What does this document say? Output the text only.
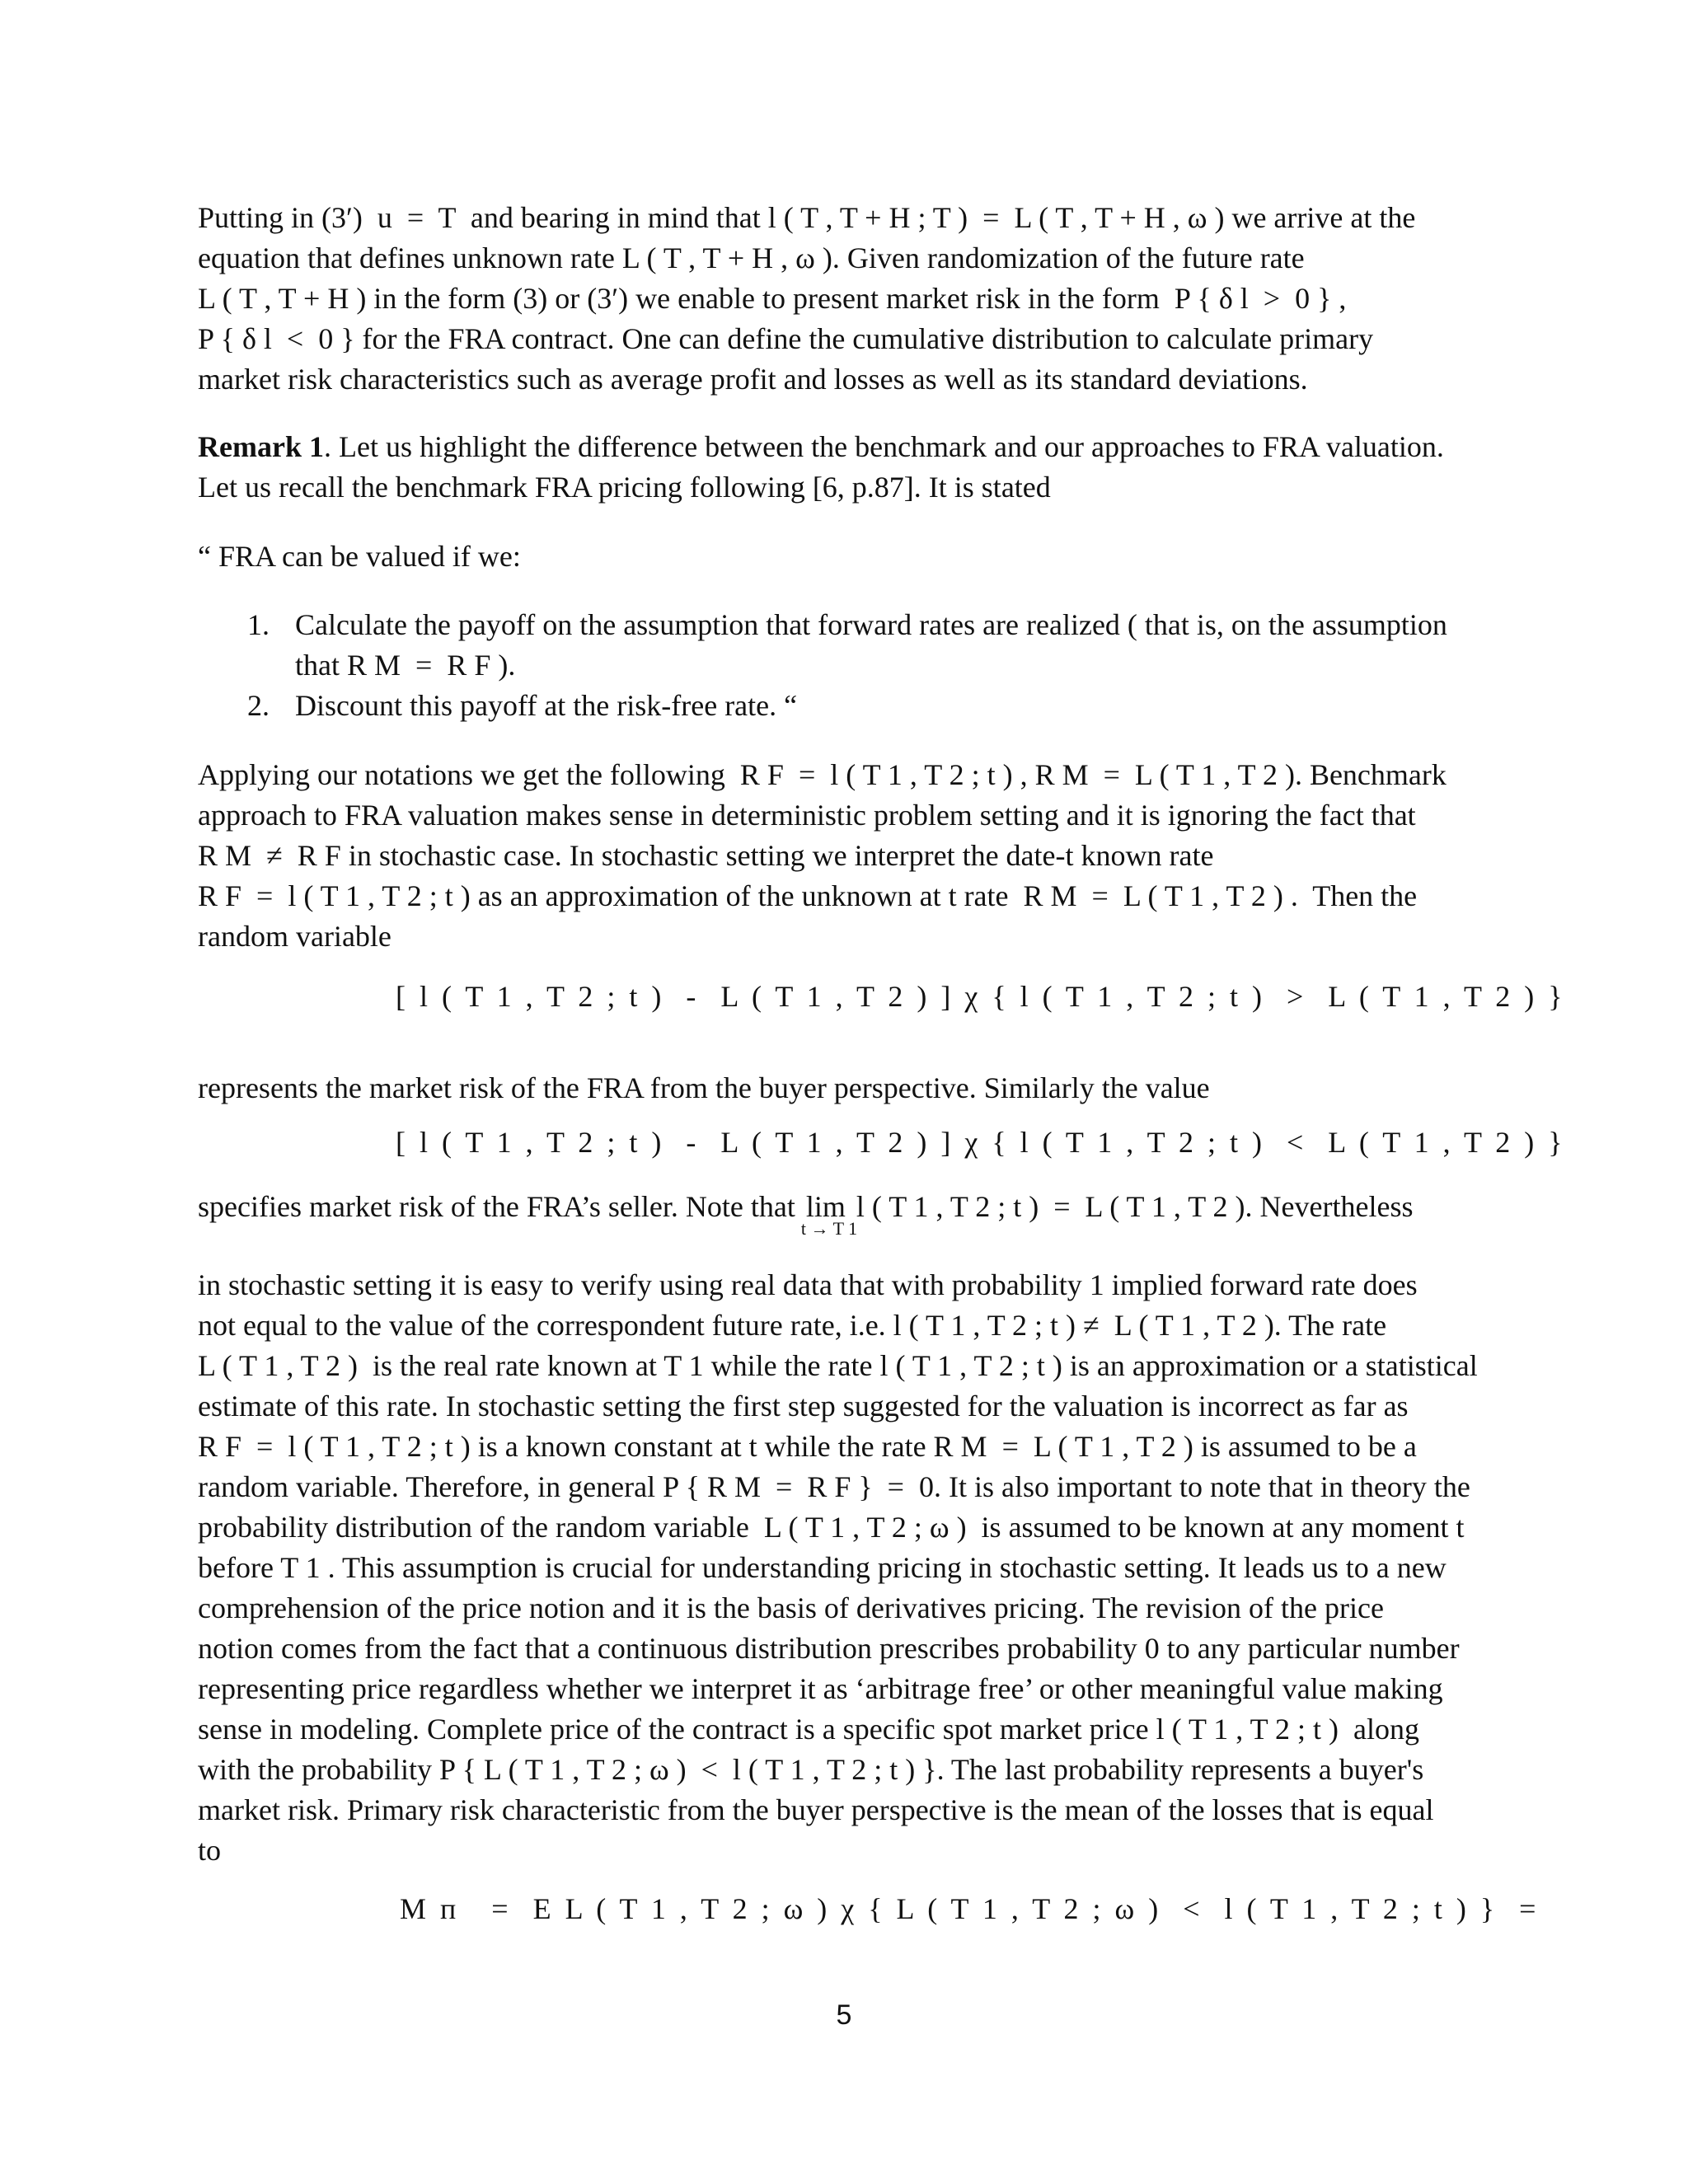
Putting in (3′)  u  =  T  and bearing in mind that l ( T , T + H ; T )  =  L ( T , T + H , ω ) we arrive at the
equation that defines unknown rate L ( T , T + H , ω ). Given randomization of the future rate
L ( T , T + H ) in the form (3) or (3′) we enable to present market risk in the form  P { δ l  >  0 } ,
P { δ l  <  0 } for the FRA contract. One can define the cumulative distribution to calculate primary
market risk characteristics such as average profit and losses as well as its standard deviations.

Remark 1. Let us highlight the difference between the benchmark and our approaches to FRA valuation.
Let us recall the benchmark FRA pricing following [6, p.87]. It is stated

“ FRA can be valued if we:

1. Calculate the payoff on the assumption that forward rates are realized ( that is, on the assumption
that R M  =  R F ).
2. Discount this payoff at the risk-free rate. “

Applying our notations we get the following  R F  =  l ( T 1 , T 2 ; t ) , R M  =  L ( T 1 , T 2 ). Benchmark
approach to FRA valuation makes sense in deterministic problem setting and it is ignoring the fact that
R M  ≠  R F in stochastic case. In stochastic setting we interpret the date-t known rate
R F  =  l ( T 1 , T 2 ; t ) as an approximation of the unknown at t rate  R M  =  L ( T 1 , T 2 ) .  Then the
random variable

[ l ( T 1 , T 2 ; t )  -  L ( T 1 , T 2 ) ] χ { l ( T 1 , T 2 ; t )  >  L ( T 1 , T 2 ) }

represents the market risk of the FRA from the buyer perspective. Similarly the value

[ l ( T 1 , T 2 ; t )  -  L ( T 1 , T 2 ) ] χ { l ( T 1 , T 2 ; t )  <  L ( T 1 , T 2 ) }

specifies market risk of the FRA’s seller. Note that lim
t → T 1
l ( T 1 , T 2 ; t )  =  L ( T 1 , T 2 ). Nevertheless

in stochastic setting it is easy to verify using real data that with probability 1 implied forward rate does
not equal to the value of the correspondent future rate, i.e. l ( T 1 , T 2 ; t ) ≠  L ( T 1 , T 2 ). The rate
L ( T 1 , T 2 )  is the real rate known at T 1 while the rate l ( T 1 , T 2 ; t ) is an approximation or a statistical
estimate of this rate. In stochastic setting the first step suggested for the valuation is incorrect as far as
R F  =  l ( T 1 , T 2 ; t ) is a known constant at t while the rate R M  =  L ( T 1 , T 2 ) is assumed to be a
random variable. Therefore, in general P { R M  =  R F }  =  0. It is also important to note that in theory the
probability distribution of the random variable  L ( T 1 , T 2 ; ω )  is assumed to be known at any moment t
before T 1 . This assumption is crucial for understanding pricing in stochastic setting. It leads us to a new
comprehension of the price notion and it is the basis of derivatives pricing. The revision of the price
notion comes from the fact that a continuous distribution prescribes probability 0 to any particular number
representing price regardless whether we interpret it as ‘arbitrage free’ or other meaningful value making
sense in modeling. Complete price of the contract is a specific spot market price l ( T 1 , T 2 ; t )  along
with the probability P { L ( T 1 , T 2 ; ω )  <  l ( T 1 , T 2 ; t ) }. The last probability represents a buyer's
market risk. Primary risk characteristic from the buyer perspective is the mean of the losses that is equal
to

M п   =  E L ( T 1 , T 2 ; ω ) χ { L ( T 1 , T 2 ; ω )  <  l ( T 1 , T 2 ; t ) }  =
5
